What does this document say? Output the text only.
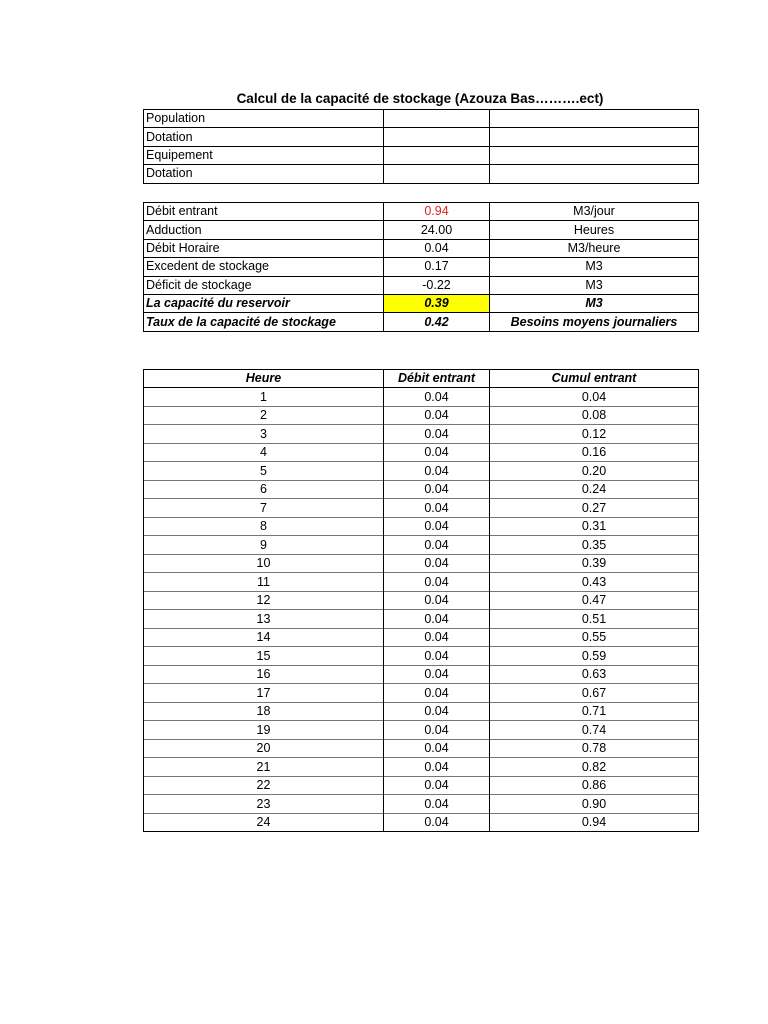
Calcul de la capacité de stockage (Azouza Bas……….ect)
Population		
Dotation		
Equipement		
Dotation		
Débit entrant	0.94	M3/jour
Adduction	24.00	Heures
Débit Horaire	0.04	M3/heure
Excedent de stockage	0.17	M3
Déficit de stockage	-0.22	M3
La capacité du reservoir	0.39	M3
Taux de la capacité de stockage	0.42	Besoins moyens journaliers
Heure	Débit entrant	Cumul entrant
1	0.04	0.04
2	0.04	0.08
3	0.04	0.12
4	0.04	0.16
5	0.04	0.20
6	0.04	0.24
7	0.04	0.27
8	0.04	0.31
9	0.04	0.35
10	0.04	0.39
11	0.04	0.43
12	0.04	0.47
13	0.04	0.51
14	0.04	0.55
15	0.04	0.59
16	0.04	0.63
17	0.04	0.67
18	0.04	0.71
19	0.04	0.74
20	0.04	0.78
21	0.04	0.82
22	0.04	0.86
23	0.04	0.90
24	0.04	0.94
